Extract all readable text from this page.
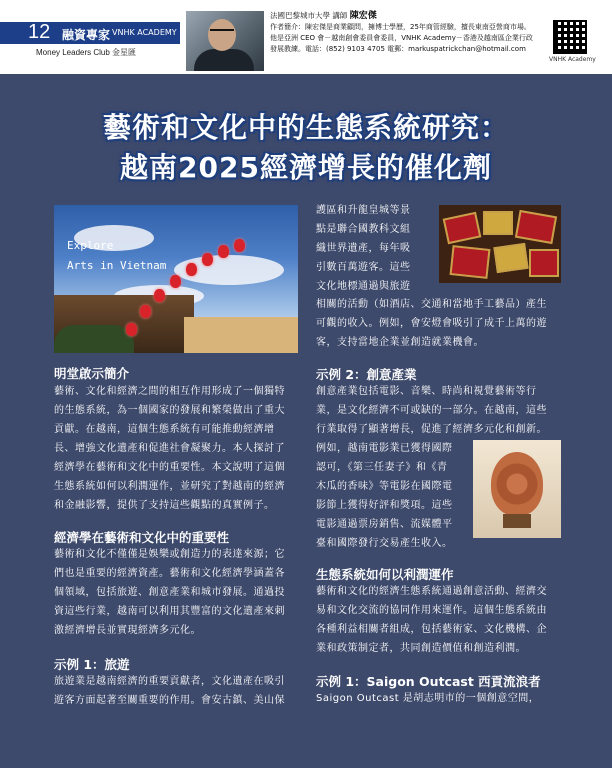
12 融資專家 VNHK ACADEMY
Money Leaders Club 金星匯
法國巴黎城市大學 講師 陳宏傑
作者簡介：陳宏傑是商業顧問，擁博士學歷，25年商管經驗，擅長東南亞營商市場。
他是亞洲 CEO 會－越南創會委員會委員，VNHK Academy－香港及越南區企業行政
發展教練。電話：(852) 9103 4705 電郵：markuspatrickchan@hotmail.com
VNHK Academy
藝術和文化中的生態系統研究：
越南2025經濟增長的催化劑
Explore
Arts in Vietnam
明堂啟示簡介

藝術、文化和經濟之間的相互作用形成了一個獨特

的生態系統，為一個國家的發展和繁榮做出了重大

貢獻。在越南，這個生態系統有可能推動經濟增

長、增強文化遺產和促進社會凝聚力。本人探討了

經濟學在藝術和文化中的重要性。本文說明了這個

生態系統如何以利潤運作，並研究了對越南的經濟

和金融影響，提供了支持這些觀點的真實例子。

經濟學在藝術和文化中的重要性

藝術和文化不僅僅是娛樂或創造力的表達來源；它

們也是重要的經濟資產。藝術和文化經濟學涵蓋各

個領域，包括旅遊、創意產業和城市發展。通過投

資這些行業，越南可以利用其豐富的文化遺產來刺

激經濟增長並實現經濟多元化。

示例 1：旅遊

旅遊業是越南經濟的重要貢獻者，文化遺產在吸引

遊客方面起著至關重要的作用。會安古鎮、美山保

護區和升龍皇城等景

點是聯合國教科文組

織世界遺產，每年吸

引數百萬遊客。這些

文化地標通過與旅遊

相關的活動（如酒店、交通和當地手工藝品）產生

可觀的收入。例如，會安燈會吸引了成千上萬的遊

客，支持當地企業並創造就業機會。

示例 2：創意產業

創意產業包括電影、音樂、時尚和視覺藝術等行

業，是文化經濟不可或缺的一部分。在越南，這些

行業取得了顯著增長，促進了經濟多元化和創新。

例如，越南電影業已獲得國際

認可，《第三任妻子》和《青

木瓜的香味》等電影在國際電

影節上獲得好評和獎項。這些

電影通過票房銷售、流媒體平

臺和國際發行交易產生收入。

生態系統如何以利潤運作

藝術和文化的經濟生態系統通過創意活動、經濟交

易和文化交流的協同作用來運作。這個生態系統由

各種利益相關者組成，包括藝術家、文化機構、企

業和政策制定者，共同創造價值和創造利潤。

示例 1：Saigon Outcast 西貢流浪者

Saigon Outcast 是胡志明市的一個創意空間，
